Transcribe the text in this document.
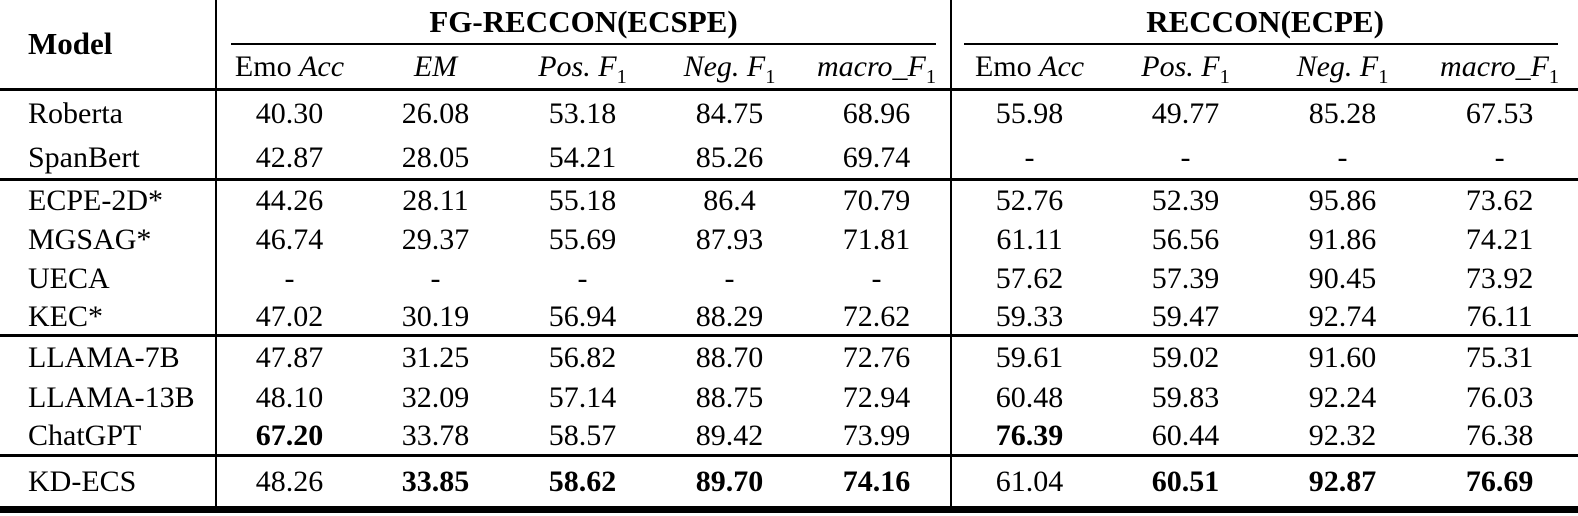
Model	FG-RECCON(ECSPE)					RECCON(ECPE)			

	Emo Acc	EM	Pos. $F_1$	Neg. $F_1$	$macro\_F_1$	Emo Acc	Pos. $F_1$	Neg. $F_1$	$macro\_F_1$
Roberta	40.30	26.08	53.18	84.75	68.96	55.98	49.77	85.28	67.53
SpanBert	42.87	28.05	54.21	85.26	69.74	-	-	-	-
ECPE-2D*	44.26	28.11	55.18	86.4	70.79	52.76	52.39	95.86	73.62
MGSAG*	46.74	29.37	55.69	87.93	71.81	61.11	56.56	91.86	74.21
UECA	-	-	-	-	-	57.62	57.39	90.45	73.92
KEC*	47.02	30.19	56.94	88.29	72.62	59.33	59.47	92.74	76.11
LLAMA-7B	47.87	31.25	56.82	88.70	72.76	59.61	59.02	91.60	75.31
LLAMA-13B	48.10	32.09	57.14	88.75	72.94	60.48	59.83	92.24	76.03
ChatGPT	67.20	33.78	58.57	89.42	73.99	76.39	60.44	92.32	76.38
KD-ECS	48.26	33.85	58.62	89.70	74.16	61.04	60.51	92.87	76.69
